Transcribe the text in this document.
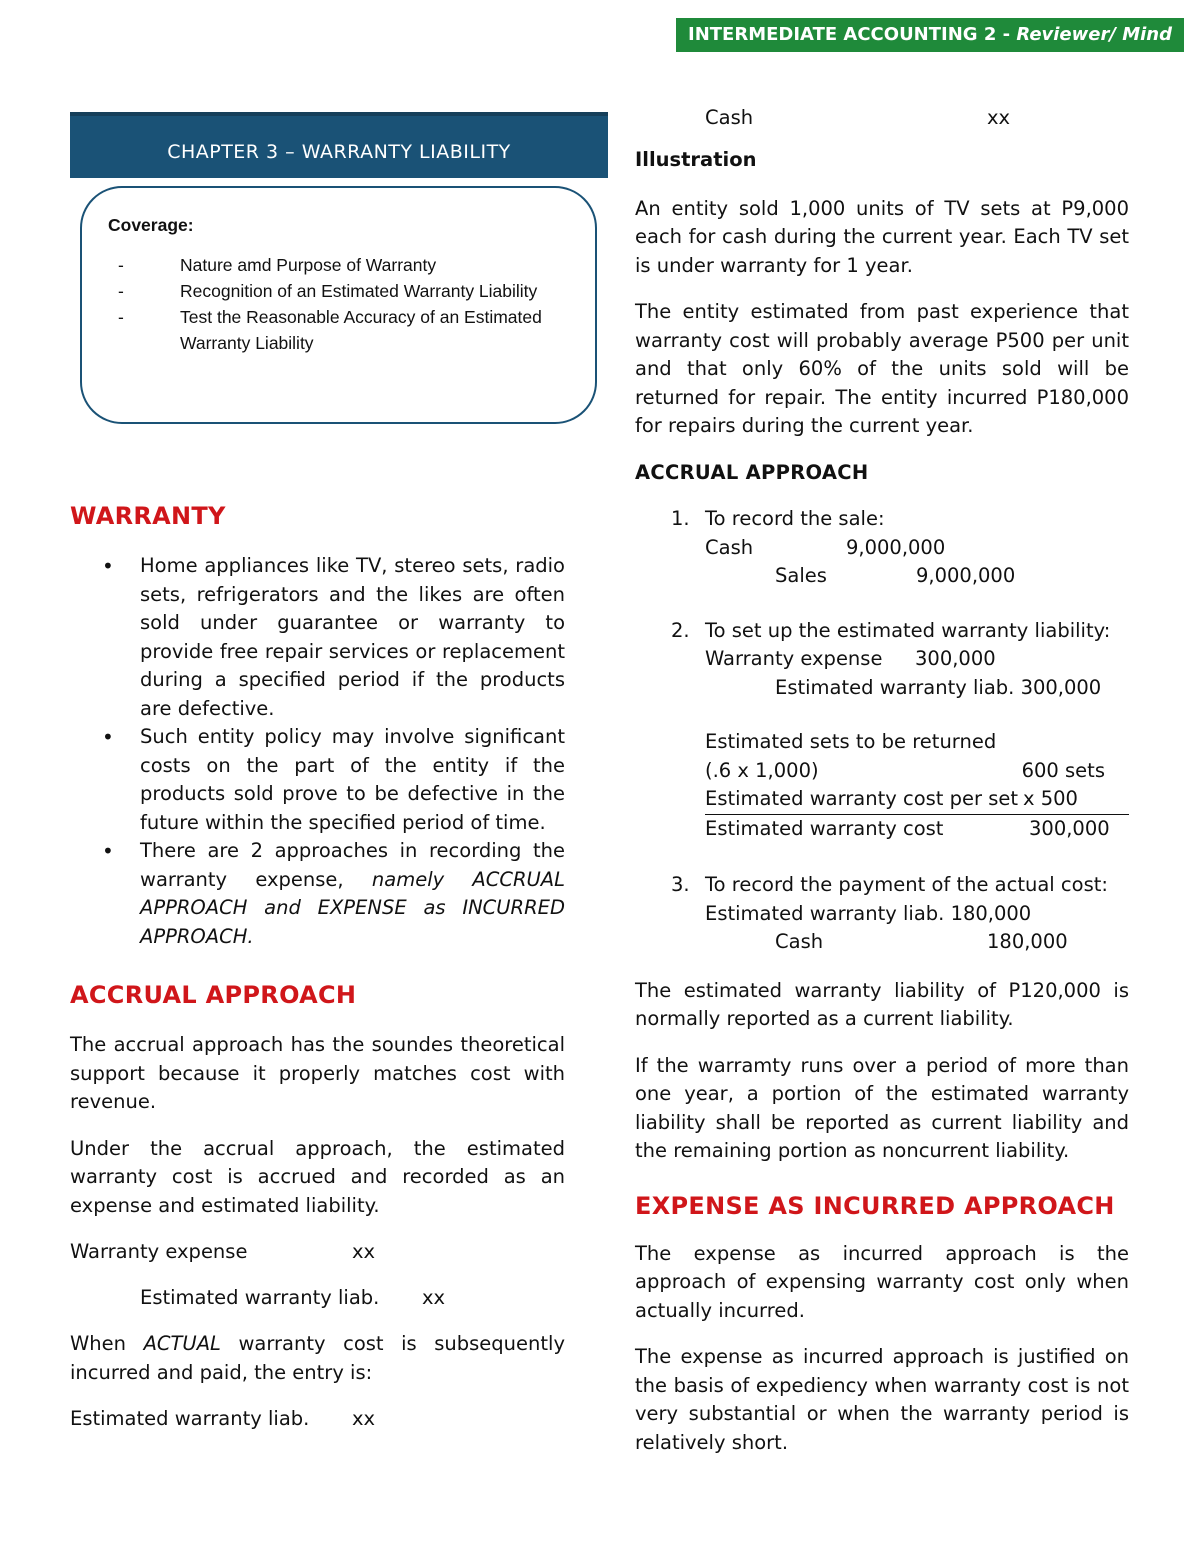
INTERMEDIATE ACCOUNTING 2 - Reviewer/ Mind
CHAPTER 3 – WARRANTY LIABILITY
Coverage:
- Nature amd Purpose of Warranty
- Recognition of an Estimated Warranty Liability
- Test the Reasonable Accuracy of an Estimated Warranty Liability
WARRANTY
• Home appliances like TV, stereo sets, radio sets, refrigerators and the likes are often sold under guarantee or warranty to provide free repair services or replacement during a specified period if the products are defective.
• Such entity policy may involve significant costs on the part of the entity if the products sold prove to be defective in the future within the specified period of time.
• There are 2 approaches in recording the warranty expense, namely ACCRUAL APPROACH and EXPENSE as INCURRED APPROACH.
ACCRUAL APPROACH

The accrual approach has the soundes theoretical support because it properly matches cost with revenue.

Under the accrual approach, the estimated warranty cost is accrued and recorded as an expense and estimated liability.

Warranty expense	xx
Estimated warranty liab.	xx

When ACTUAL warranty cost is subsequently incurred and paid, the entry is:

Estimated warranty liab.	xx
Cash	xx

Illustration

An entity sold 1,000 units of TV sets at P9,000 each for cash during the current year. Each TV set is under warranty for 1 year.

The entity estimated from past experience that warranty cost will probably average P500 per unit and that only 60% of the units sold will be returned for repair. The entity incurred P180,000 for repairs during the current year.

ACCRUAL APPROACH

1. To record the sale:
Cash	9,000,000
Sales	9,000,000
2. To set up the estimated warranty liability:
Warranty expense 300,000
Estimated warranty liab. 300,000
Estimated sets to be returned
(.6 x 1,000)	600 sets
Estimated warranty cost per set x 500
Estimated warranty cost	300,000
3. To record the payment of the actual cost:
Estimated warranty liab. 180,000
Cash	180,000

The estimated warranty liability of P120,000 is normally reported as a current liability.

If the warramty runs over a period of more than one year, a portion of the estimated warranty liability shall be reported as current liability and the remaining portion as noncurrent liability.

EXPENSE AS INCURRED APPROACH

The expense as incurred approach is the approach of expensing warranty cost only when actually incurred.

The expense as incurred approach is justified on the basis of expediency when warranty cost is not very substantial or when the warranty period is relatively short.
